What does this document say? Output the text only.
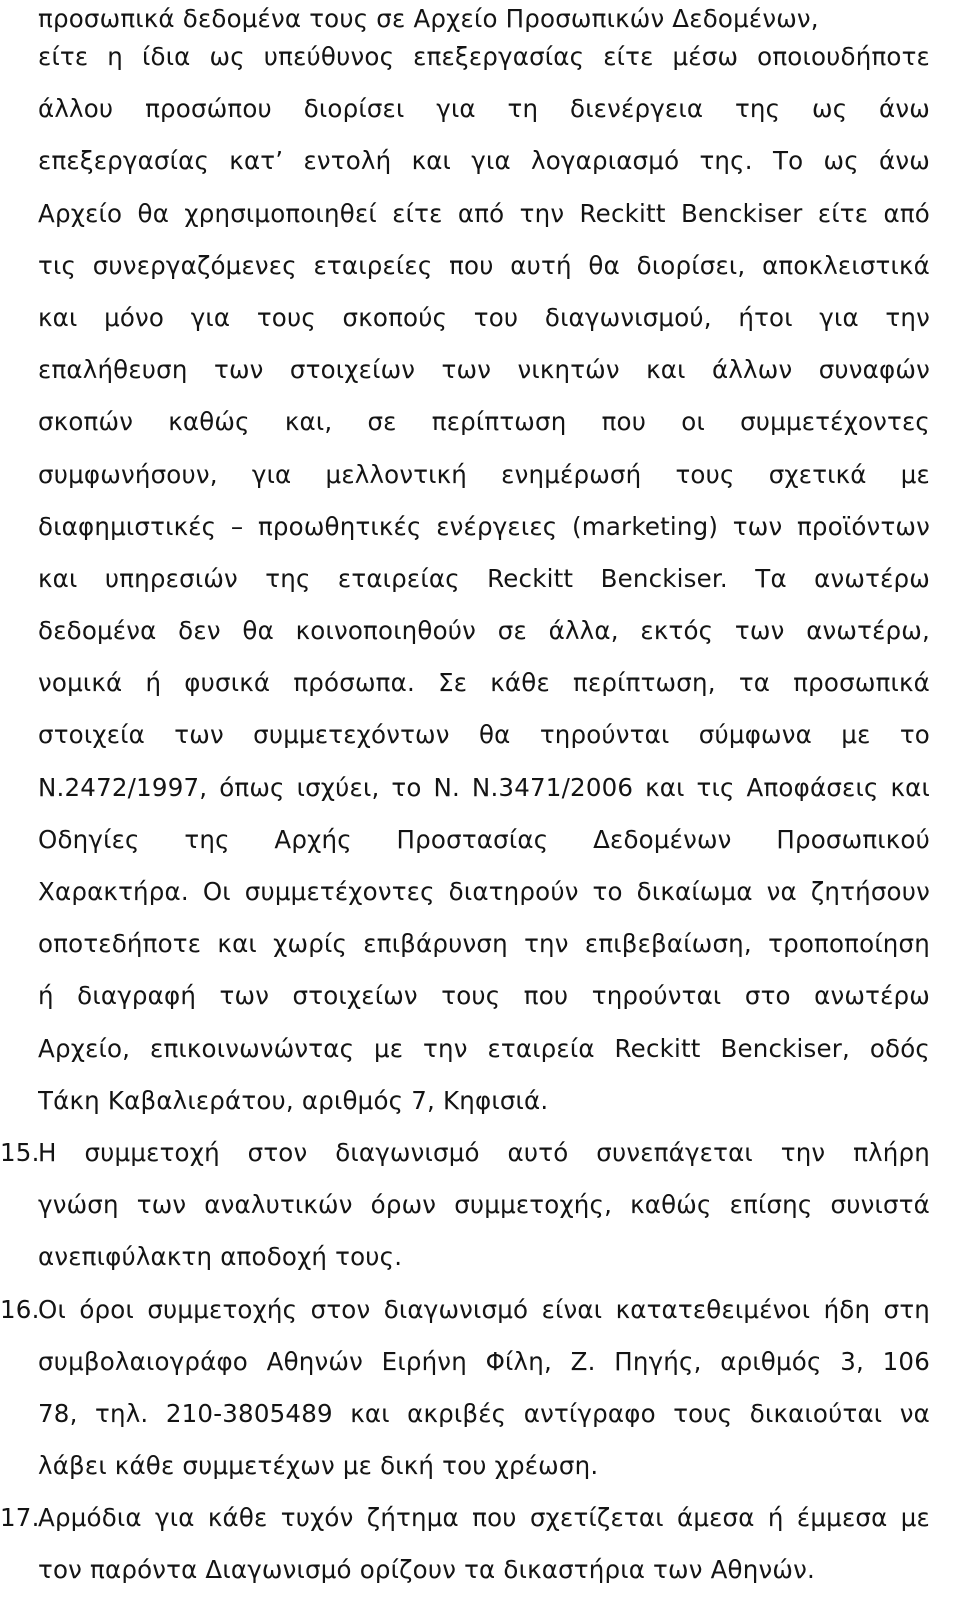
προσωπικά δεδομένα τους σε Αρχείο Προσωπικών Δεδομένων,
είτε η ίδια ως υπεύθυνος επεξεργασίας είτε μέσω οποιουδήποτε
άλλου προσώπου διορίσει για τη διενέργεια της ως άνω
επεξεργασίας κατ’ εντολή και για λογαριασμό της. Το ως άνω
Αρχείο θα χρησιμοποιηθεί είτε από την Reckitt Benckiser είτε από
τις συνεργαζόμενες εταιρείες που αυτή θα διορίσει, αποκλειστικά
και μόνο για τους σκοπούς του διαγωνισμού, ήτοι για την
επαλήθευση των στοιχείων των νικητών και άλλων συναφών
σκοπών καθώς και, σε περίπτωση που οι συμμετέχοντες
συμφωνήσουν, για μελλοντική ενημέρωσή τους σχετικά με
διαφημιστικές – προωθητικές ενέργειες (marketing) των προϊόντων
και υπηρεσιών της εταιρείας Reckitt Benckiser. Τα ανωτέρω
δεδομένα δεν θα κοινοποιηθούν σε άλλα, εκτός των ανωτέρω,
νομικά ή φυσικά πρόσωπα. Σε κάθε περίπτωση, τα προσωπικά
στοιχεία των συμμετεχόντων θα τηρούνται σύμφωνα με το
Ν.2472/1997, όπως ισχύει, το Ν. Ν.3471/2006 και τις Αποφάσεις και
Οδηγίες της Αρχής Προστασίας Δεδομένων Προσωπικού
Χαρακτήρα. Οι συμμετέχοντες διατηρούν το δικαίωμα να ζητήσουν
οποτεδήποτε και χωρίς επιβάρυνση την επιβεβαίωση, τροποποίηση
ή διαγραφή των στοιχείων τους που τηρούνται στο ανωτέρω
Αρχείο, επικοινωνώντας με την εταιρεία Reckitt Benckiser, οδός
Τάκη Καβαλιεράτου, αριθμός 7, Κηφισιά.
15.
Η συμμετοχή στον διαγωνισμό αυτό συνεπάγεται την πλήρη
γνώση των αναλυτικών όρων συμμετοχής, καθώς επίσης συνιστά
ανεπιφύλακτη αποδοχή τους.
16.
Οι όροι συμμετοχής στον διαγωνισμό είναι κατατεθειμένοι ήδη στη
συμβολαιογράφο Αθηνών Ειρήνη Φίλη, Ζ. Πηγής, αριθμός 3, 106
78, τηλ. 210-3805489 και ακριβές αντίγραφο τους δικαιούται να
λάβει κάθε συμμετέχων με δική του χρέωση.
17.
Αρμόδια για κάθε τυχόν ζήτημα που σχετίζεται άμεσα ή έμμεσα με
τον παρόντα Διαγωνισμό ορίζουν τα δικαστήρια των Αθηνών.
